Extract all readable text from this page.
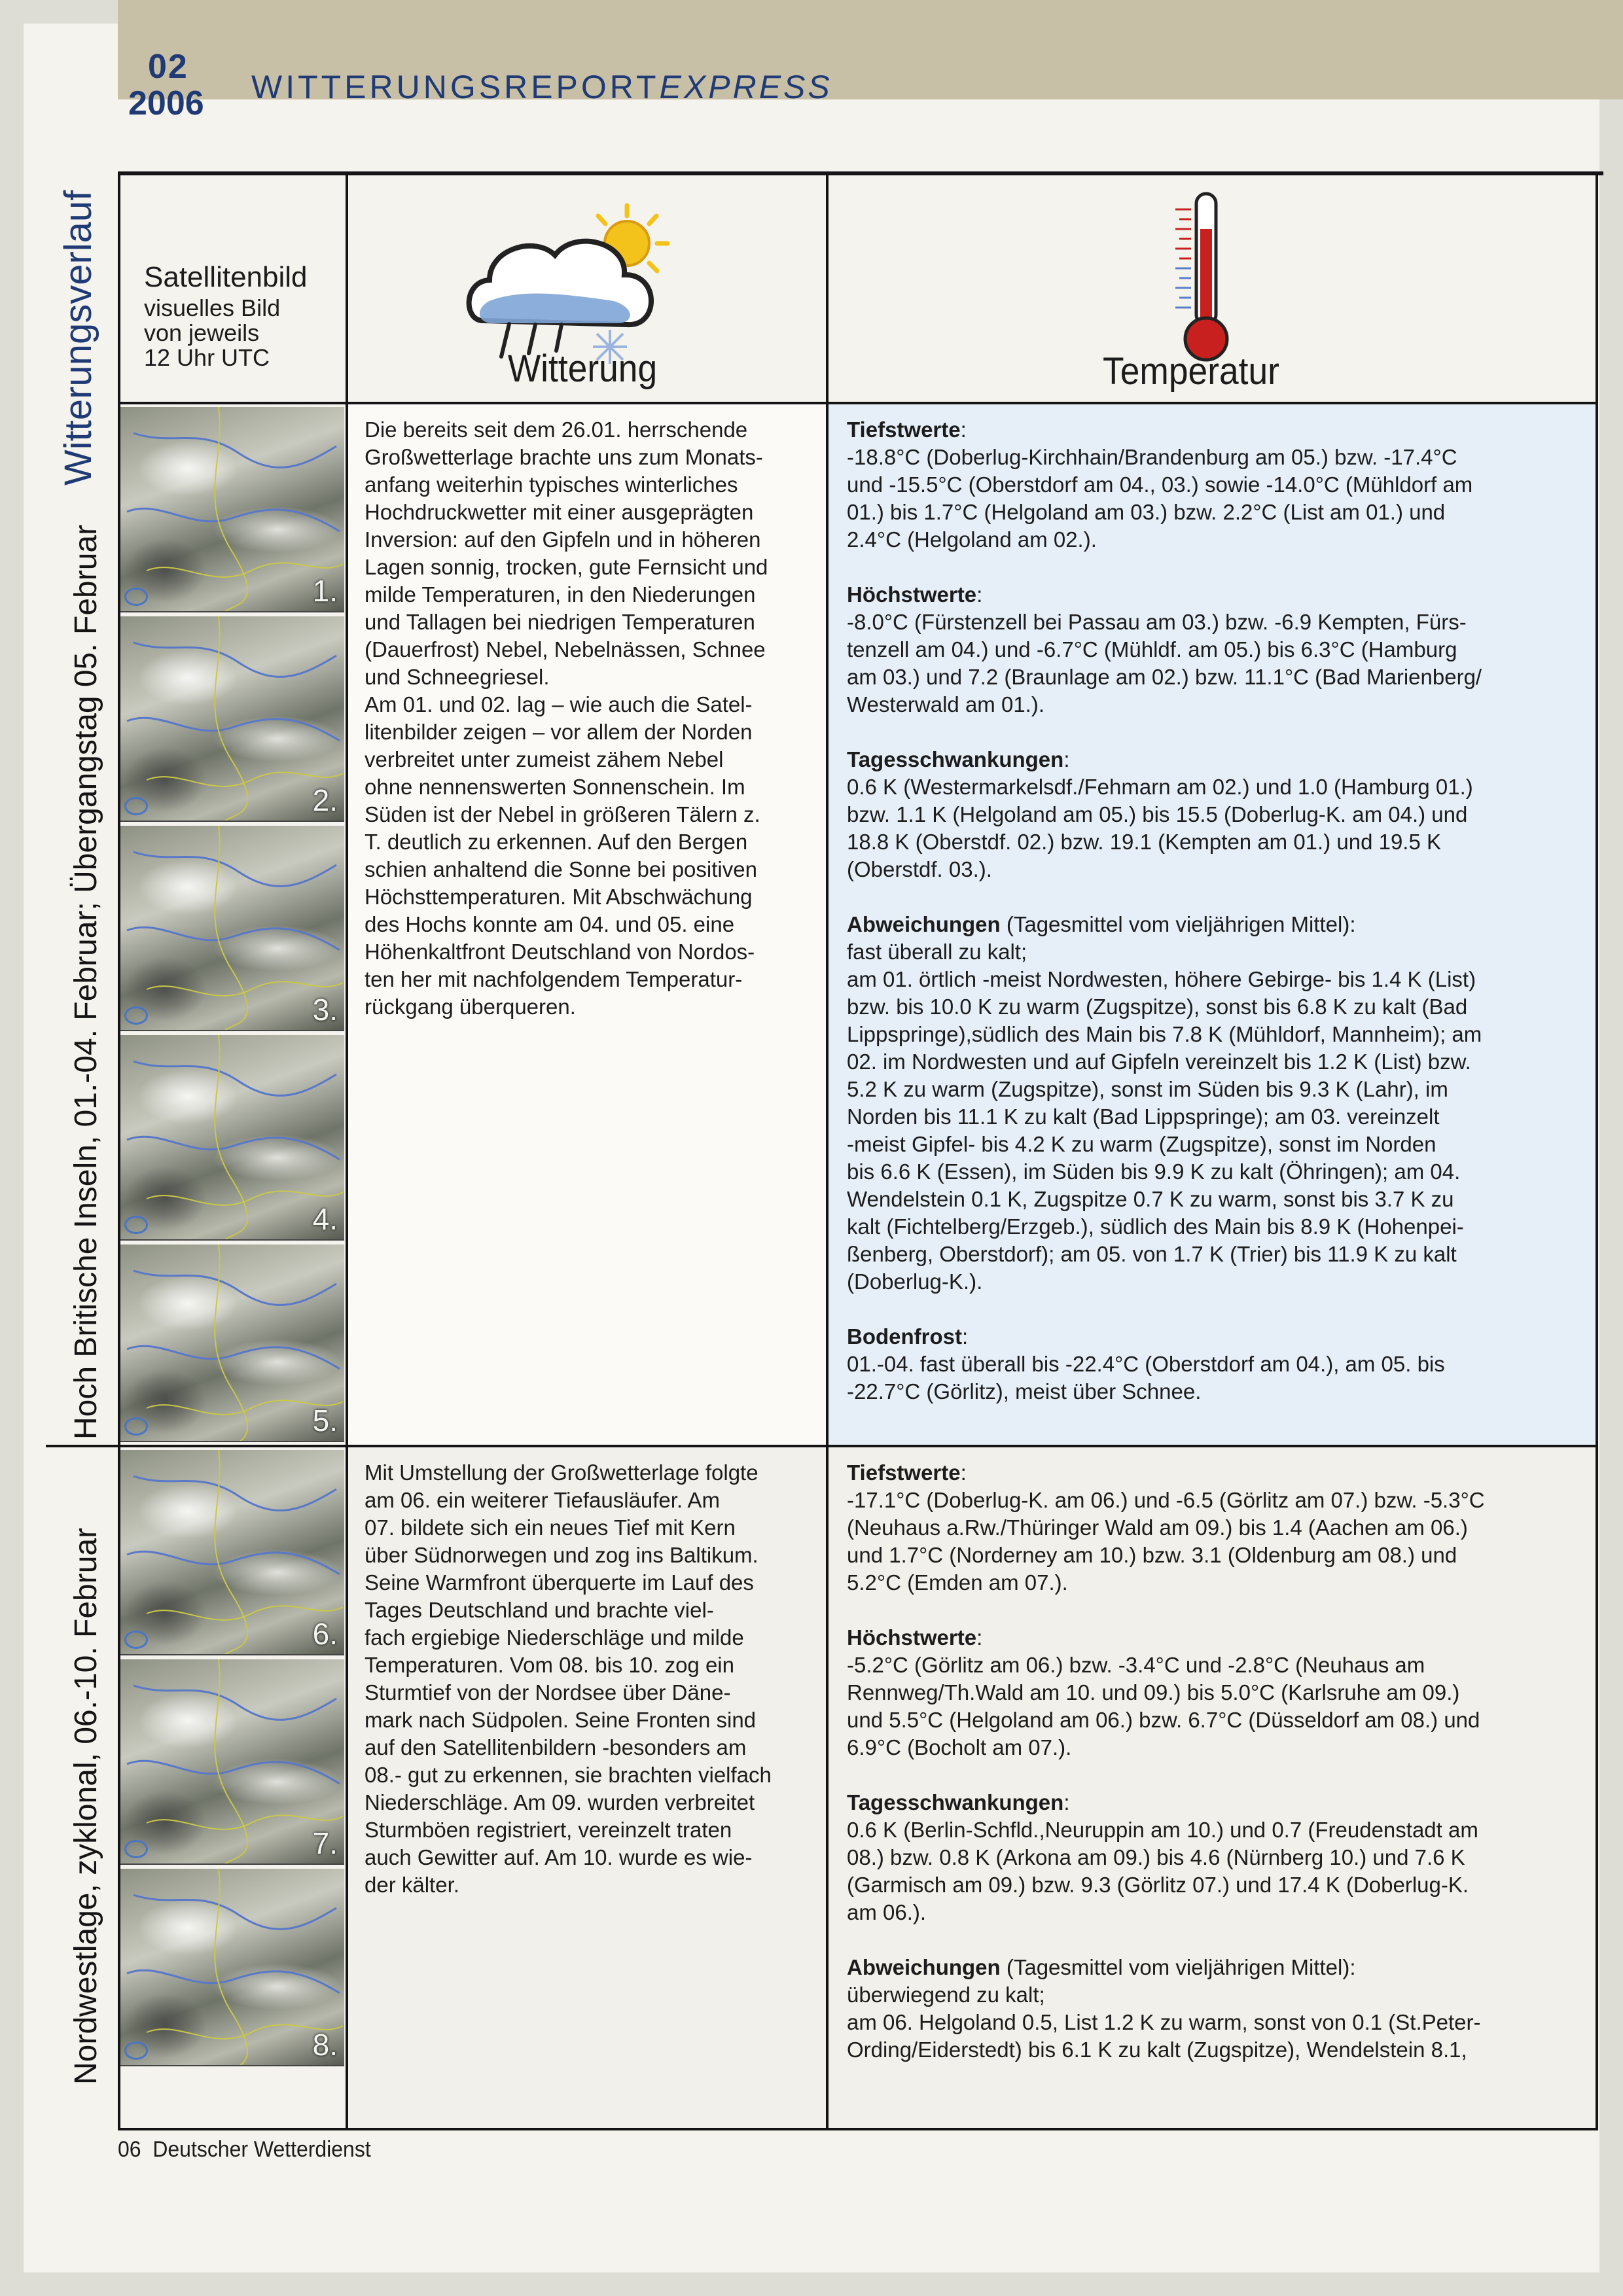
02
2006 WITTERUNGSREPORTEXPRESS
Witterungsverlauf
Hoch Britische Inseln, 01.-04. Februar; Übergangstag 05. Februar
Nordwestlage, zyklonal, 06.-10. Februar
Satellitenbild
visuelles Bild
von jeweils
12 Uhr UTC	Witterung	Temperatur
1.
2.
3.
4.
5.
6.
7.
8.

Die bereits seit dem 26.01. herrschende

Großwetterlage brachte uns zum Monats-

anfang weiterhin typisches winterliches

Hochdruckwetter mit einer ausgeprägten

Inversion: auf den Gipfeln und in höheren

Lagen sonnig, trocken, gute Fernsicht und

milde Temperaturen, in den Niederungen

und Tallagen bei niedrigen Temperaturen

(Dauerfrost) Nebel, Nebelnässen, Schnee

und Schneegriesel.

Am 01. und 02. lag – wie auch die Satel-

litenbilder zeigen – vor allem der Norden

verbreitet unter zumeist zähem Nebel

ohne nennenswerten Sonnenschein. Im

Süden ist der Nebel in größeren Tälern z.

T. deutlich zu erkennen. Auf den Bergen

schien anhaltend die Sonne bei positiven

Höchsttemperaturen. Mit Abschwächung

des Hochs konnte am 04. und 05. eine

Höhenkaltfront Deutschland von Nordos-

ten her mit nachfolgendem Temperatur-

rückgang überqueren.

Tiefstwerte:

-18.8°C (Doberlug-Kirchhain/Brandenburg am 05.) bzw. -17.4°C

und -15.5°C (Oberstdorf am 04., 03.) sowie -14.0°C (Mühldorf am

01.) bis 1.7°C (Helgoland am 03.) bzw. 2.2°C (List am 01.) und

2.4°C (Helgoland am 02.).

Höchstwerte:

-8.0°C (Fürstenzell bei Passau am 03.) bzw. -6.9 Kempten, Fürs-

tenzell am 04.) und -6.7°C (Mühldf. am 05.) bis 6.3°C (Hamburg

am 03.) und 7.2 (Braunlage am 02.) bzw. 11.1°C (Bad Marienberg/

Westerwald am 01.).

Tagesschwankungen:

0.6 K (Westermarkelsdf./Fehmarn am 02.) und 1.0 (Hamburg 01.)

bzw. 1.1 K (Helgoland am 05.) bis 15.5 (Doberlug-K. am 04.) und

18.8 K (Oberstdf. 02.) bzw. 19.1 (Kempten am 01.) und 19.5 K

(Oberstdf. 03.).

Abweichungen (Tagesmittel vom vieljährigen Mittel):

fast überall zu kalt;

am 01. örtlich -meist Nordwesten, höhere Gebirge- bis 1.4 K (List)

bzw. bis 10.0 K zu warm (Zugspitze), sonst bis 6.8 K zu kalt (Bad

Lippspringe),südlich des Main bis 7.8 K (Mühldorf, Mannheim); am

02. im Nordwesten und auf Gipfeln vereinzelt bis 1.2 K (List) bzw.

5.2 K zu warm (Zugspitze), sonst im Süden bis 9.3 K (Lahr), im

Norden bis 11.1 K zu kalt (Bad Lippspringe); am 03. vereinzelt

-meist Gipfel- bis 4.2 K zu warm (Zugspitze), sonst im Norden

bis 6.6 K (Essen), im Süden bis 9.9 K zu kalt (Öhringen); am 04.

Wendelstein 0.1 K, Zugspitze 0.7 K zu warm, sonst bis 3.7 K zu

kalt (Fichtelberg/Erzgeb.), südlich des Main bis 8.9 K (Hohenpei-

ßenberg, Oberstdorf); am 05. von 1.7 K (Trier) bis 11.9 K zu kalt

(Doberlug-K.).

Bodenfrost:

01.-04. fast überall bis -22.4°C (Oberstdorf am 04.), am 05. bis

-22.7°C (Görlitz), meist über Schnee.

Mit Umstellung der Großwetterlage folgte

am 06. ein weiterer Tiefausläufer. Am

07. bildete sich ein neues Tief mit Kern

über Südnorwegen und zog ins Baltikum.

Seine Warmfront überquerte im Lauf des

Tages Deutschland und brachte viel-

fach ergiebige Niederschläge und milde

Temperaturen. Vom 08. bis 10. zog ein

Sturmtief von der Nordsee über Däne-

mark nach Südpolen. Seine Fronten sind

auf den Satellitenbildern -besonders am

08.- gut zu erkennen, sie brachten vielfach

Niederschläge. Am 09. wurden verbreitet

Sturmböen registriert, vereinzelt traten

auch Gewitter auf. Am 10. wurde es wie-

der kälter.

Tiefstwerte:

-17.1°C (Doberlug-K. am 06.) und -6.5 (Görlitz am 07.) bzw. -5.3°C

(Neuhaus a.Rw./Thüringer Wald am 09.) bis 1.4 (Aachen am 06.)

und 1.7°C (Norderney am 10.) bzw. 3.1 (Oldenburg am 08.) und

5.2°C (Emden am 07.).

Höchstwerte:

-5.2°C (Görlitz am 06.) bzw. -3.4°C und -2.8°C (Neuhaus am

Rennweg/Th.Wald am 10. und 09.) bis 5.0°C (Karlsruhe am 09.)

und 5.5°C (Helgoland am 06.) bzw. 6.7°C (Düsseldorf am 08.) und

6.9°C (Bocholt am 07.).

Tagesschwankungen:

0.6 K (Berlin-Schfld.,Neuruppin am 10.) und 0.7 (Freudenstadt am

08.) bzw. 0.8 K (Arkona am 09.) bis 4.6 (Nürnberg 10.) und 7.6 K

(Garmisch am 09.) bzw. 9.3 (Görlitz 07.) und 17.4 K (Doberlug-K.

am 06.).

Abweichungen (Tagesmittel vom vieljährigen Mittel):

überwiegend zu kalt;

am 06. Helgoland 0.5, List 1.2 K zu warm, sonst von 0.1 (St.Peter-

Ording/Eiderstedt) bis 6.1 K zu kalt (Zugspitze), Wendelstein 8.1,

06 Deutscher Wetterdienst
